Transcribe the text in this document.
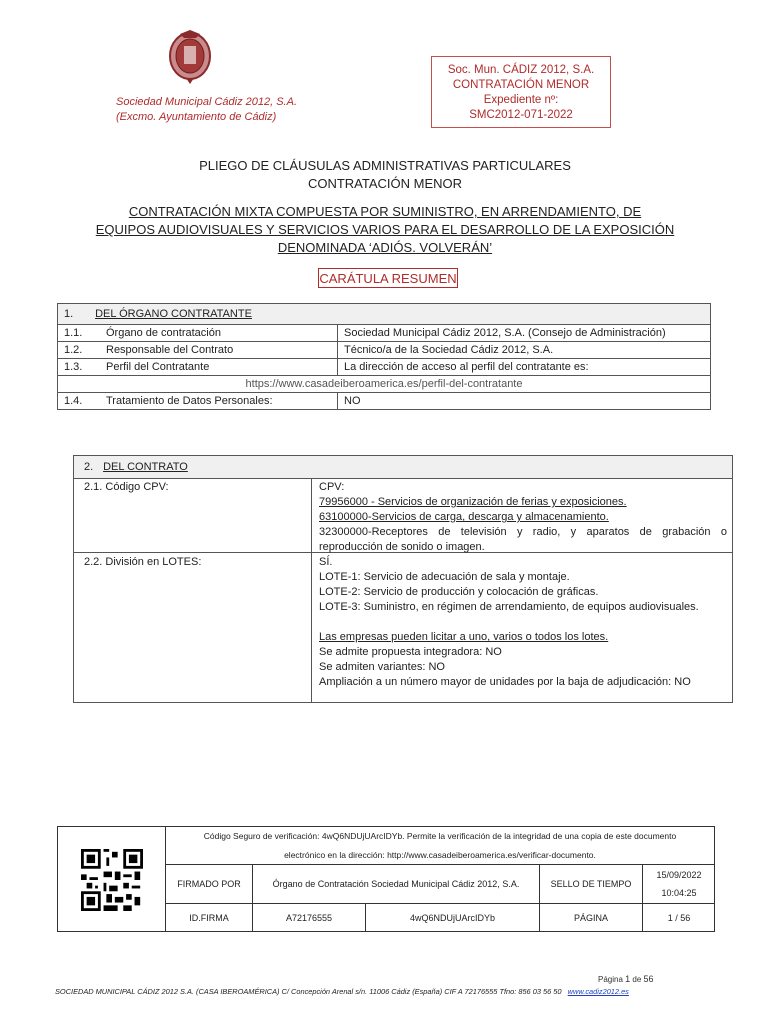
Sociedad Municipal Cádiz 2012, S.A.
(Excmo. Ayuntamiento de Cádiz)
Soc. Mun. CÁDIZ 2012, S.A.
CONTRATACIÓN MENOR
Expediente nº:
SMC2012-071-2022
PLIEGO DE CLÁUSULAS ADMINISTRATIVAS PARTICULARES
CONTRATACIÓN MENOR
CONTRATACIÓN MIXTA COMPUESTA POR SUMINISTRO, EN ARRENDAMIENTO, DE
EQUIPOS AUDIOVISUALES Y SERVICIOS VARIOS PARA EL DESARROLLO DE LA EXPOSICIÓN
DENOMINADA ‘ADIÓS. VOLVERÁN’
CARÁTULA RESUMEN
1. DEL ÓRGANO CONTRATANTE		
1.1.	Órgano de contratación	Sociedad Municipal Cádiz 2012, S.A. (Consejo de Administración)
1.2.	Responsable del Contrato	Técnico/a de la Sociedad Cádiz 2012, S.A.
1.3.	Perfil del Contratante	La dirección de acceso al perfil del contratante es:
https://www.casadeiberoamerica.es/perfil-del-contratante		
1.4.	Tratamiento de Datos Personales:	NO
2. DEL CONTRATO
2.1. Código CPV:	CPV:
79956000 - Servicios de organización de ferias y exposiciones.
63100000-Servicios de carga, descarga y almacenamiento.
32300000-Receptores de televisión y radio, y aparatos de grabación o
reproducción de sonido o imagen.
2.2. División en LOTES:	SÍ.
LOTE-1: Servicio de adecuación de sala y montaje.
LOTE-2: Servicio de producción y colocación de gráficas.
LOTE-3: Suministro, en régimen de arrendamiento, de equipos audiovisuales.
Las empresas pueden licitar a uno, varios o todos los lotes.
Se admite propuesta integradora: NO
Se admiten variantes: NO
Ampliación a un número mayor de unidades por la baja de adjudicación: NO
Código Seguro de verificación: 4wQ6NDUjUArcIDYb. Permite la verificación de la integridad de una copia de este documento
electrónico en la dirección: http://www.casadeiberoamerica.es/verificar-documento.
FIRMADO POR	Órgano de Contratación Sociedad Municipal Cádiz 2012, S.A.		SELLO DE TIEMPO	15/09/2022
10:04:25

ID.FIRMA	A72176555	4wQ6NDUjUArcIDYb	PÁGINA	1 / 56
Página 1 de 56
SOCIEDAD MUNICIPAL CÁDIZ 2012 S.A. (CASA IBEROAMÉRICA) C/ Concepción Arenal s/n. 11006 Cádiz (España) CIF A 72176555 Tfno: 856 03 56 50 www.cadiz2012.es
